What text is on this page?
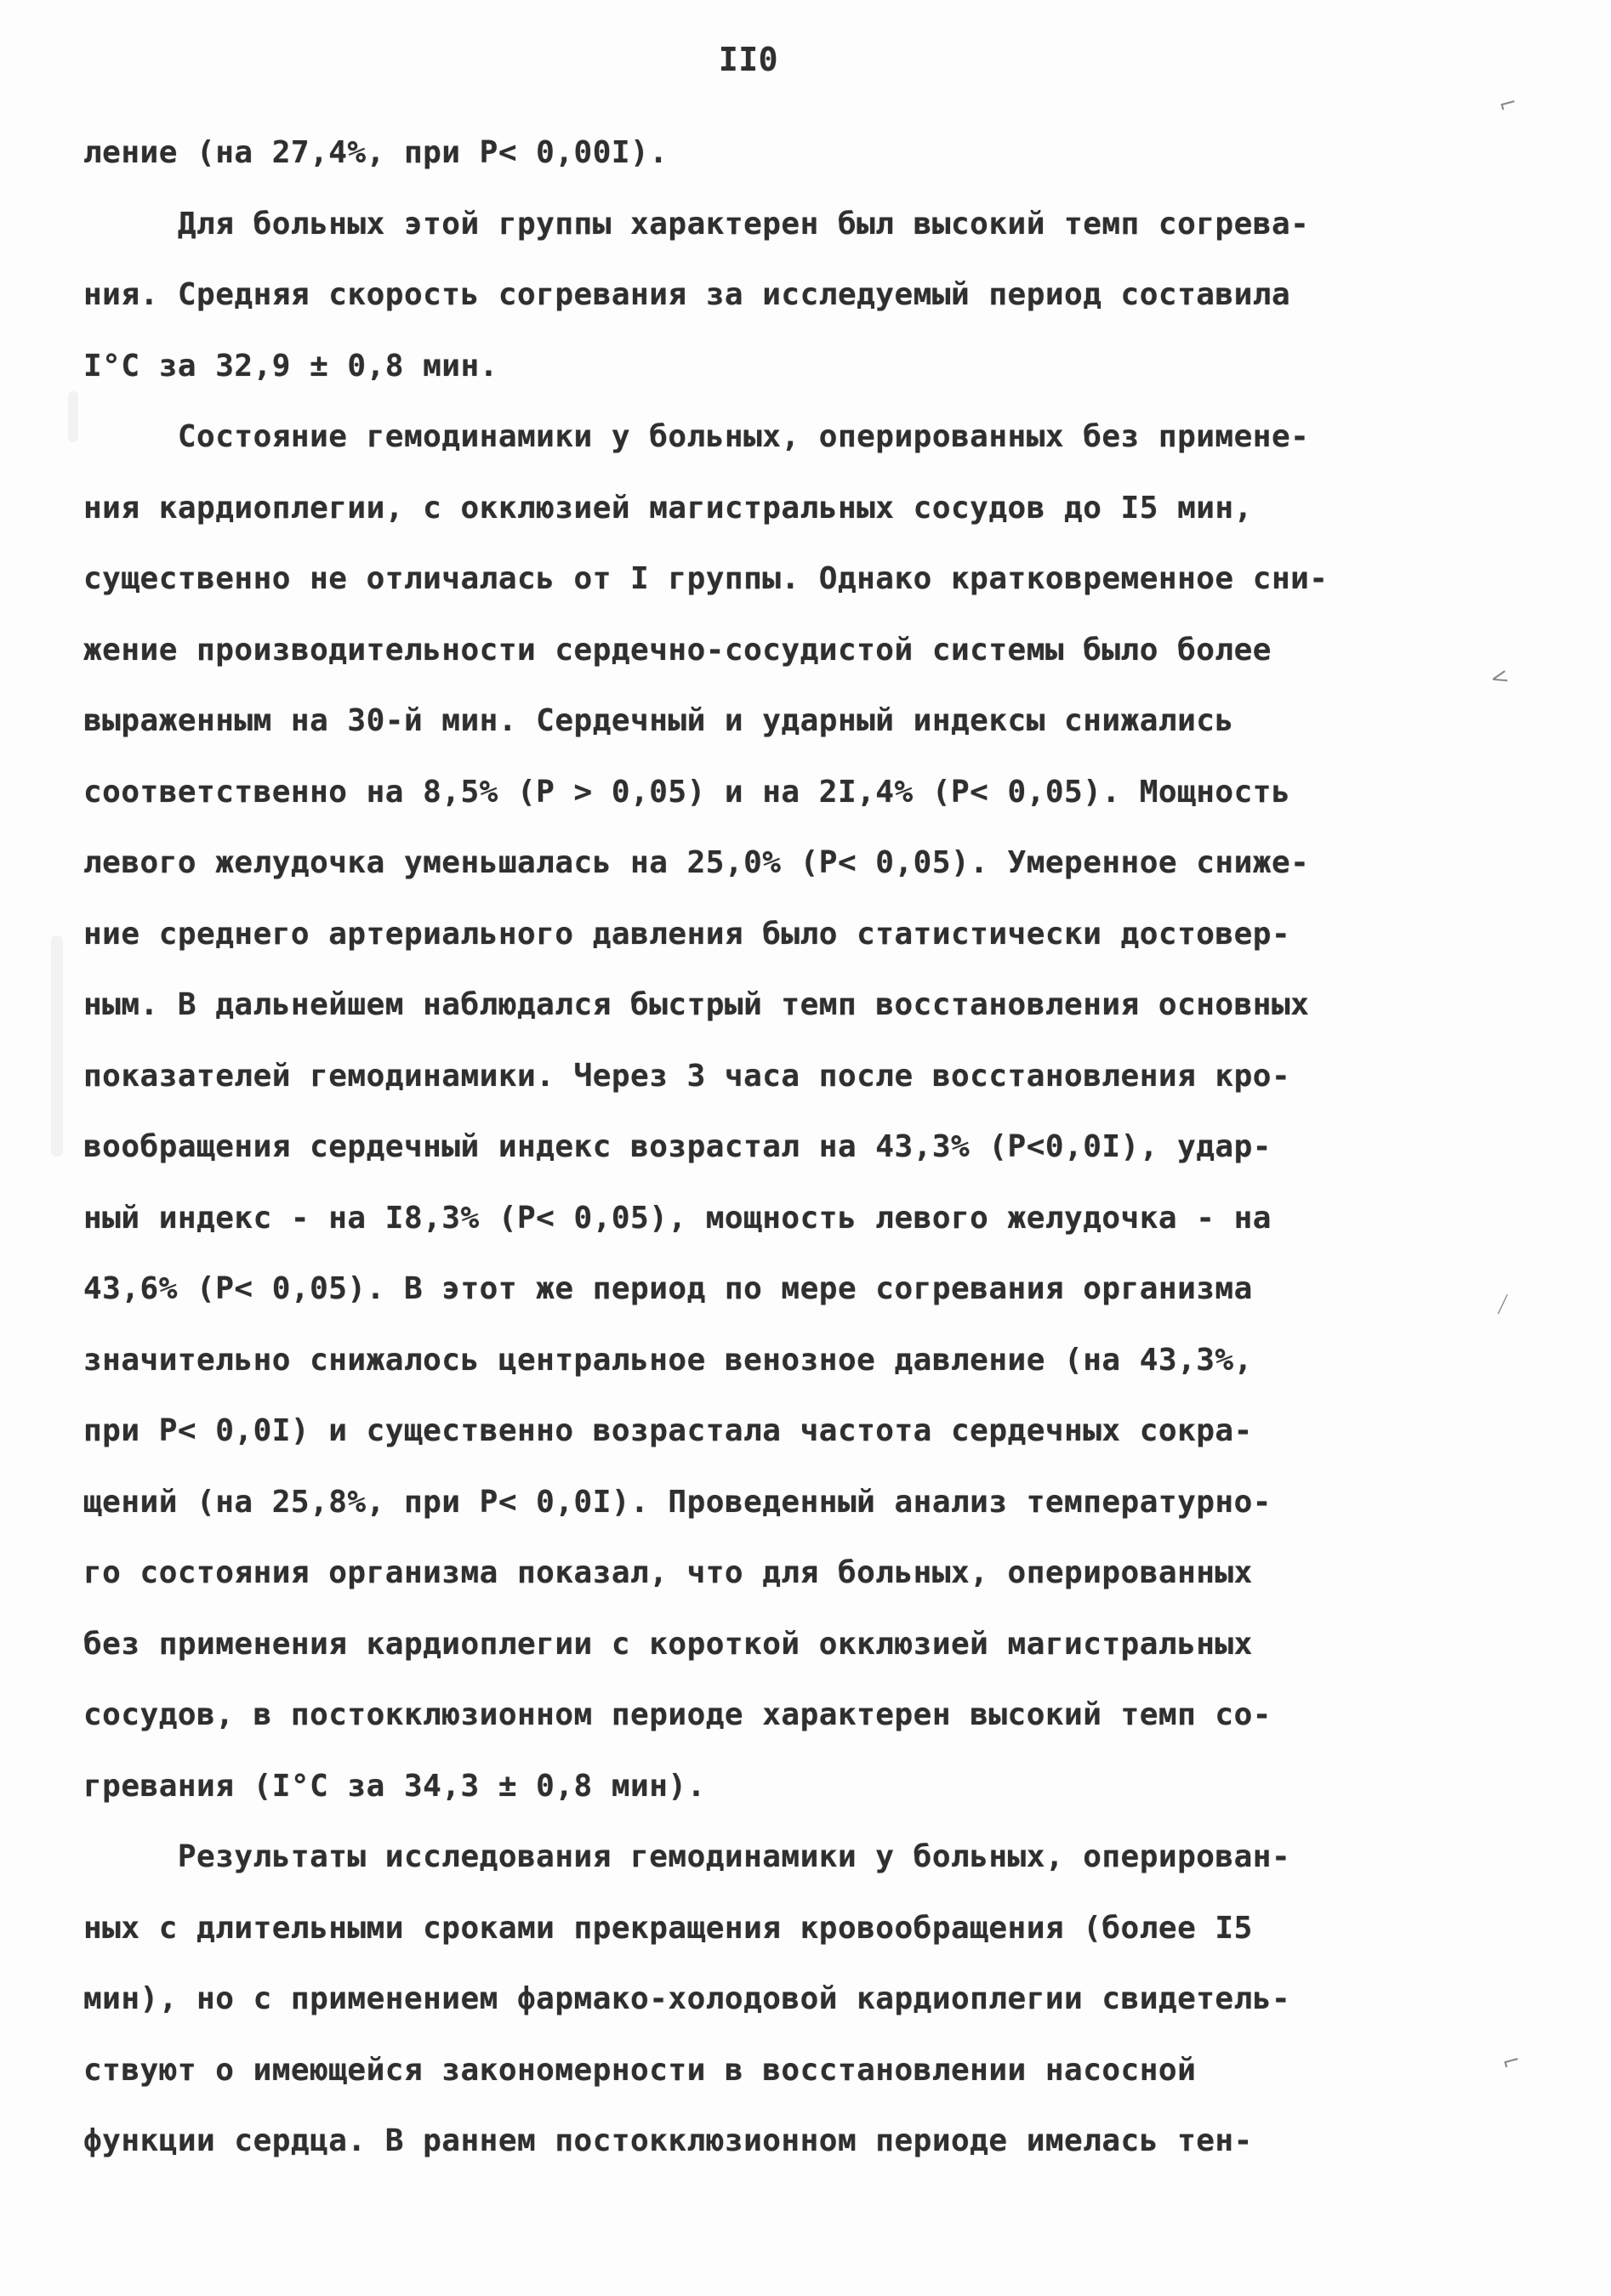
II0
ление (на 27,4%, при Р< 0,00I).
Для больных этой группы характерен был высокий темп согрева-
ния. Средняя скорость согревания за исследуемый период составила
I°С за 32,9 ± 0,8 мин.
Состояние гемодинамики у больных, оперированных без примене-
ния кардиоплегии, с окклюзией магистральных сосудов до I5 мин,
существенно не отличалась от I группы. Однако кратковременное сни-
жение производительности сердечно-сосудистой системы было более
выраженным на 30-й мин. Сердечный и ударный индексы снижались
соответственно на 8,5% (Р > 0,05) и на 2I,4% (Р< 0,05). Мощность
левого желудочка уменьшалась на 25,0% (Р< 0,05). Умеренное сниже-
ние среднего артериального давления было статистически достовер-
ным. В дальнейшем наблюдался быстрый темп восстановления основных
показателей гемодинамики. Через 3 часа после восстановления кро-
вообращения сердечный индекс возрастал на 43,3% (Р<0,0I), удар-
ный индекс - на I8,3% (Р< 0,05), мощность левого желудочка - на
43,6% (Р< 0,05). В этот же период по мере согревания организма
значительно снижалось центральное венозное давление (на 43,3%,
при Р< 0,0I) и существенно возрастала частота сердечных сокра-
щений (на 25,8%, при Р< 0,0I). Проведенный анализ температурно-
го состояния организма показал, что для больных, оперированных
без применения кардиоплегии с короткой окклюзией магистральных
сосудов, в постокклюзионном периоде характерен высокий темп со-
гревания (I°С за 34,3 ± 0,8 мин).
Результаты исследования гемодинамики у больных, оперирован-
ных с длительными сроками прекращения кровообращения (более I5
мин), но с применением фармако-холодовой кардиоплегии свидетель-
ствуют о имеющейся закономерности в восстановлении насосной
функции сердца. В раннем постокклюзионном периоде имелась тен-
⌐
<
⟋
⌐
